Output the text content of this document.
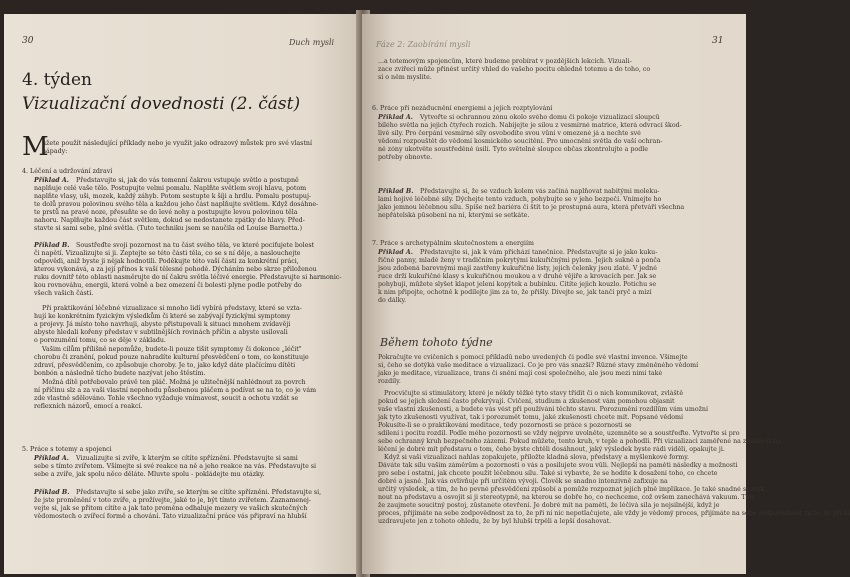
30	Duch mysli
4. týden
Vizualizační dovednosti (2. část)
M
ůžete použít následující příklady nebo je využít jako odrazový můstek pro své vlastní
nápady:
4. Léčení a udržování zdraví
Příklad A.	Představujte si, jak do vás temenní čakrou vstupuje světlo a postupně
naplňuje celé vaše tělo. Postupujte velmi pomalu. Naplňte světlem svoji hlavu, potom
naplňte vlasy, uši, mozek, každý záhyb. Potom sestupte k šíji a hrdlu. Pomalu postupuj-
te dolů pravou polovinou svého těla a každou jeho část naplňujte světlem. Když dosáhne-
te prstů na pravé noze, přesuňte se do levé nohy a postupujte levou polovinou těla
nahoru. Naplňujte každou část světlem, dokud se nedostanete zpátky do hlavy. Před-
stavte si sami sebe, plné světla. (Tuto techniku jsem se naučila od Louise Barnetta.)
Příklad B.	Soustřeďte svoji pozornost na tu část svého těla, ve které pociťujete bolest
či napětí. Vizualizujte si ji. Zeptejte se této části těla, co se s ní děje, a naslouchejte
odpovědi, aniž byste ji nějak hodnotili. Poděkujte této vaší části za konkrétní práci,
kterou vykonává, a za její přínos k vaší tělesné pohodě. Dýcháním nebo skrze přiloženou
ruku dovnitř této oblasti nasměrujte do ní čakru světla léčivé energie. Představujte si harmonic-
kou rovnováhu, energii, která volně a bez omezení či bolesti plyne podle potřeby do
všech vašich částí.
Při praktikování léčebné vizualizace si mnoho lidí vybírá představy, které se vzta-
hují ke konkrétním fyzickým výsledkům či které se zabývají fyzickými symptomy
a projevy. Já místo toho navrhuji, abyste přistupovali k situaci mnohem zvídavěji
abyste hledali kořeny představ v subtilnějších rovinách příčin a abyste usilovali
o porozumění tomu, co se děje v základu.
Vašim cílům přílišně nepomůže, budete-li pouze tišit symptomy či dokonce „léčit"
chorobu či zranění, pokud pouze nahradíte kulturní přesvědčení o tom, co konstituuje
zdraví, přesvědčením, co způsobuje choroby. Je to, jako když dáte plačícímu dítěti
bonbón a následně tícho budete nazývat jeho štěstím.
Možná dítě potřebovalo právě ten pláč. Možná je užitečnější nahlédnout za povrch
ní příčinu slz a za vaši vlastní nepohodu působenou pláčem a podívat se na to, co je vám
zde vlastně sdělováno. Tohle všechno vyžaduje vnímavost, soucit a ochotu vzdát se
reflexních názorů, emocí a reakcí.
5. Práce s totemy a spojenci
Příklad A.	Vizualizujte si zvíře, k kterým se cítíte spřízněni. Představujte si sami
sebe s tímto zvířetem. Všímejte si své reakce na ně a jeho reakce na vás. Představujte si
sebe a zvíře, jak spolu něco děláte. Mluvte spolu - pokládejte mu otázky.
Příklad B.	Představujte si sebe jako zvíře, se kterým se cítíte spřízněni. Představujte si,
že jste proměnění v toto zvíře, a prožívejte, jaké to je, být tímto zvířetem. Zaznamenej-
vejte si, jak se přitom cítíte a jak tato proměna odhaluje mezery ve vašich skutečných
vědomostech o zvířecí formě a chování. Tato vizualizační práce vás připraví na hlubší
Fáze 2: Zaobírání mysli	31
...a totemovým spojencům, které budeme probírat v pozdějších lekcích. Vizuali-
zace zvířecí může přinést určitý vhled do vašeho pocitu ohledně totemu a do toho, co
si o něm myslíte.
6. Práce při nezáducnění energiemi a jejich rozptylování
Příklad A.	Vytvořte si ochrannou zónu okolo svého domu či pokoje vizualizací sloupců
bílého světla na jejich čtyřech rozích. Nabíjejte je silou z vesmírné matrice, která odvrací škod-
livé síly. Pro čerpání vesmírné síly osvobodíte svou vůni v omezené já a nechte své
vědomí rozpouštět do vědomí kosmického soucítění. Pro umocnění světla do vaší ochran-
né zóny ukotvěte soustředěné úsilí. Tyto světelné sloupce občas zkontrolujte a podle
potřeby obnovte.
Příklad B.	Představujte si, že se vzduch kolem vás začíná naplňovat nabitými moleku-
lami hojivé léčebné síly. Dýchejte tento vzduch, pohybujte se v jeho bezpečí. Vnímejte ho
jako jemnou léčebnou sílu. Spíše než bariéra či štít to je prostupná aura, která přetváří všechna
nepřátelská působení na ní, kterými se setkáte.
7. Práce s archetypálním skutečnostem a energiím
Příklad A.	Představujte si, jak k vám přichází tanečnice. Představujte si je jako kuku-
řičné panny, mladé ženy v tradičním pokrytými kukuřičnými pylem. Jejich sukně a ponča
jsou zdobená barevnými mají zastřeny kukuřičné listy, jejich čelenky jsou zlaté. V jedné
ruce drží kukuřičné klasy s kukuřičnou moukou a v druhé vějíře a krovacích per. Jak se
pohybují, můžete slyšet klapot jelení kopýtek a bubínku. Cítíte jejich kouzlo. Potichu se
k nim připojte, ochotně k podílejte jim za to, že přišly. Dívejte se, jak tančí pryč a mizí
do dálky.
Během tohoto týdne
Pokračujte ve cvičeních s pomocí příkladů nebo uvedených či podle své vlastní invence. Všímejte
si, čeho se dotýká vaše meditace a vizualizaci. Co je pro vás snazší? Různé stavy změněného vědomí
jako je meditace, vizualizace, trans či snění mají cosi společného, ale jsou mezi nimi také
rozdíly.
Procvičujte si stimulátory, které je někdy těžké tyto stavy třídit či o nich komunikovat, zvláště
pokud se jejich složení často překrývají. Cvičení, studium a zkušenost vám pomohou objasnit
vaše vlastní zkušenosti, a budete vás vést při používání těchto stavu. Porozumění rozdílům vám umožní
jak tyto zkušenosti využívat, tak i porozumět tomu, jaké zkušenosti chcete mít. Popsané vědomí
Pokusíte-li se o praktikování meditace, tedy pozornosti se práce s pozorností se
sdílení i pocitu rozdíl. Podle mého pozornosti se vždy nejprve uvolněte, uzemněte se a soustřeďte. Vytvořte si pro
sebe ochranný kruh bezpečného zázemí. Pokud můžete, tento kruh, v teple a pohodlí. Při vizualizaci zaměřené na změnu či na
léčení je dobré mít představu o tom, čeho byste chtěli dosáhnout, jaký výsledek byste rádi viděli, opakujte ji.
Když si vaši vizualizaci nahlas zopakujete, přiložte kladná slova, představy a myšlenkové formy.
Dáváte tak sílu vašim záměrům a pozornosti o vás a posilujete svou vůli. Nejlepší na paměti následky a možnosti
pro sebe i ostatní, jak chcete použít léčebnou sílu. Také si vybavte, že se hodíte k dosažení toho, co chcete
dobré a jasné. Jak vás ovlivňuje při určitém vývoji. Člověk se snadno intenzivně zafixuje na
určitý výsledek, a tím, že ho pevné přesvědčení způsobí a pomůže rozpoznat jejich plně implikace. Je také snadné si zvyk-
nout na představu a osvojit si ji stereotypně, na kterou se dobře ho, co nechceme, což ovšem zanechává vakuum. Tím,
že zaujmete soucitný postoj, zůstanete otevření. Je dobré mít na paměti, že léčivá síla je nejsilnější, když je
proces, přijímáte na sebe zodpovědnost za to, že při ní nic nepotlačujete, ale vždy je vědomý proces, přijímáte na sebe zodpovědnost za to, že při ní
uzdravujete jen z tohoto ohledu, že by byl hlubší trpěli a lepší dosahovat.
